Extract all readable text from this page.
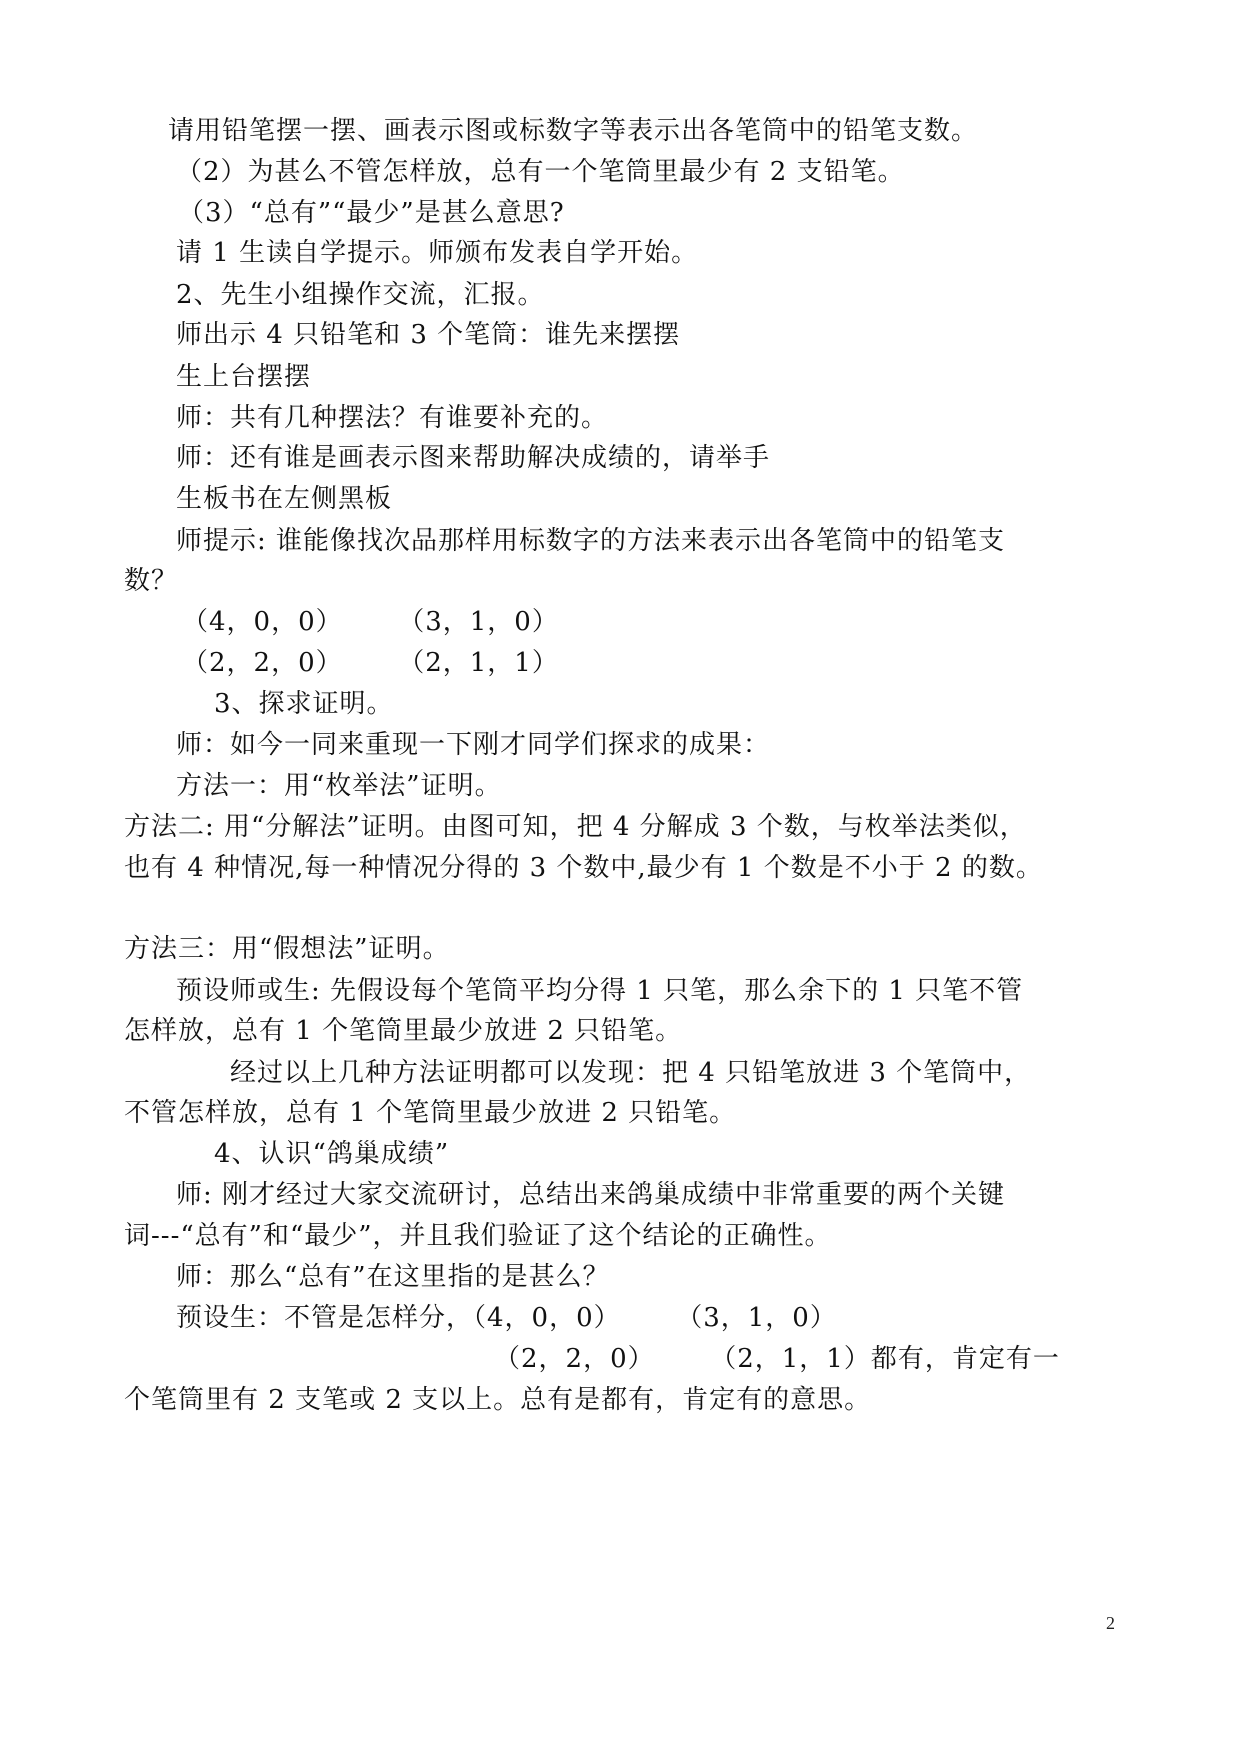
请用铅笔摆一摆、画表示图或标数字等表示出各笔筒中的铅笔支数。
（2）为甚么不管怎样放，总有一个笔筒里最少有 2 支铅笔。
（3）“总有”“最少”是甚么意思?
请 1 生读自学提示。师颁布发表自学开始。
2、先生小组操作交流，汇报。
师出示 4 只铅笔和 3 个笔筒：谁先来摆摆
生上台摆摆
师：共有几种摆法？有谁要补充的。
师：还有谁是画表示图来帮助解决成绩的，请举手
生板书在左侧黑板
师提示: 谁能像找次品那样用标数字的方法来表示出各笔筒中的铅笔支
数？
（4，0，0）      （3，1，0）
（2，2，0）      （2，1，1）
3、探求证明。
师：如今一同来重现一下刚才同学们探求的成果：
方法一：用“枚举法”证明。
方法二: 用“分解法”证明。由图可知，把 4 分解成 3 个数，与枚举法类似，
也有 4 种情况,每一种情况分得的 3 个数中,最少有 1 个数是不小于 2 的数。
方法三：用“假想法”证明。
预设师或生: 先假设每个笔筒平均分得 1 只笔，那么余下的 1 只笔不管
怎样放，总有 1 个笔筒里最少放进 2 只铅笔。
经过以上几种方法证明都可以发现：把 4 只铅笔放进 3 个笔筒中，
不管怎样放，总有 1 个笔筒里最少放进 2 只铅笔。
4、认识“鸽巢成绩”
师: 刚才经过大家交流研讨，总结出来鸽巢成绩中非常重要的两个关键
词---“总有”和“最少”，并且我们验证了这个结论的正确性。
师：那么“总有”在这里指的是甚么？
预设生：不管是怎样分，（4，0，0）      （3，1，0）
（2，2，0）      （2，1，1）都有，肯定有一
个笔筒里有 2 支笔或 2 支以上。总有是都有，肯定有的意思。
2
